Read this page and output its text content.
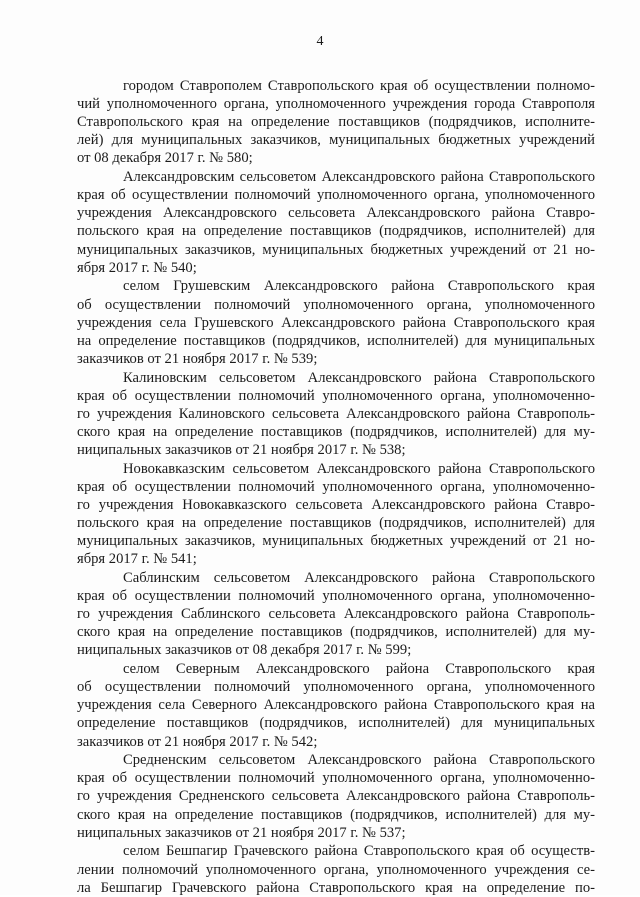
4
городом Ставрополем Ставропольского края об осуществлении полномо-
чий уполномоченного органа, уполномоченного учреждения города Ставрополя
Ставропольского края на определение поставщиков (подрядчиков, исполните-
лей) для муниципальных заказчиков, муниципальных бюджетных учреждений
от 08 декабря 2017 г. № 580;
Александровским сельсоветом Александровского района Ставропольского
края об осуществлении полномочий уполномоченного органа, уполномоченного
учреждения Александровского сельсовета Александровского района Ставро-
польского края на определение поставщиков (подрядчиков, исполнителей) для
муниципальных заказчиков, муниципальных бюджетных учреждений от 21 но-
ября 2017 г. № 540;
селом Грушевским Александровского района Ставропольского края
об осуществлении полномочий уполномоченного органа, уполномоченного
учреждения села Грушевского Александровского района Ставропольского края
на определение поставщиков (подрядчиков, исполнителей) для муниципальных
заказчиков от 21 ноября 2017 г. № 539;
Калиновским сельсоветом Александровского района Ставропольского
края об осуществлении полномочий уполномоченного органа, уполномоченно-
го учреждения Калиновского сельсовета Александровского района Ставрополь-
ского края на определение поставщиков (подрядчиков, исполнителей) для му-
ниципальных заказчиков от 21 ноября 2017 г. № 538;
Новокавказским сельсоветом Александровского района Ставропольского
края об осуществлении полномочий уполномоченного органа, уполномоченно-
го учреждения Новокавказского сельсовета Александровского района Ставро-
польского края на определение поставщиков (подрядчиков, исполнителей) для
муниципальных заказчиков, муниципальных бюджетных учреждений от 21 но-
ября 2017 г. № 541;
Саблинским сельсоветом Александровского района Ставропольского
края об осуществлении полномочий уполномоченного органа, уполномоченно-
го учреждения Саблинского сельсовета Александровского района Ставрополь-
ского края на определение поставщиков (подрядчиков, исполнителей) для му-
ниципальных заказчиков от 08 декабря 2017 г. № 599;
селом Северным Александровского района Ставропольского края
об осуществлении полномочий уполномоченного органа, уполномоченного
учреждения села Северного Александровского района Ставропольского края на
определение поставщиков (подрядчиков, исполнителей) для муниципальных
заказчиков от 21 ноября 2017 г. № 542;
Средненским сельсоветом Александровского района Ставропольского
края об осуществлении полномочий уполномоченного органа, уполномоченно-
го учреждения Средненского сельсовета Александровского района Ставрополь-
ского края на определение поставщиков (подрядчиков, исполнителей) для му-
ниципальных заказчиков от 21 ноября 2017 г. № 537;
селом Бешпагир Грачевского района Ставропольского края об осуществ-
лении полномочий уполномоченного органа, уполномоченного учреждения се-
ла Бешпагир Грачевского района Ставропольского края на определение по-
